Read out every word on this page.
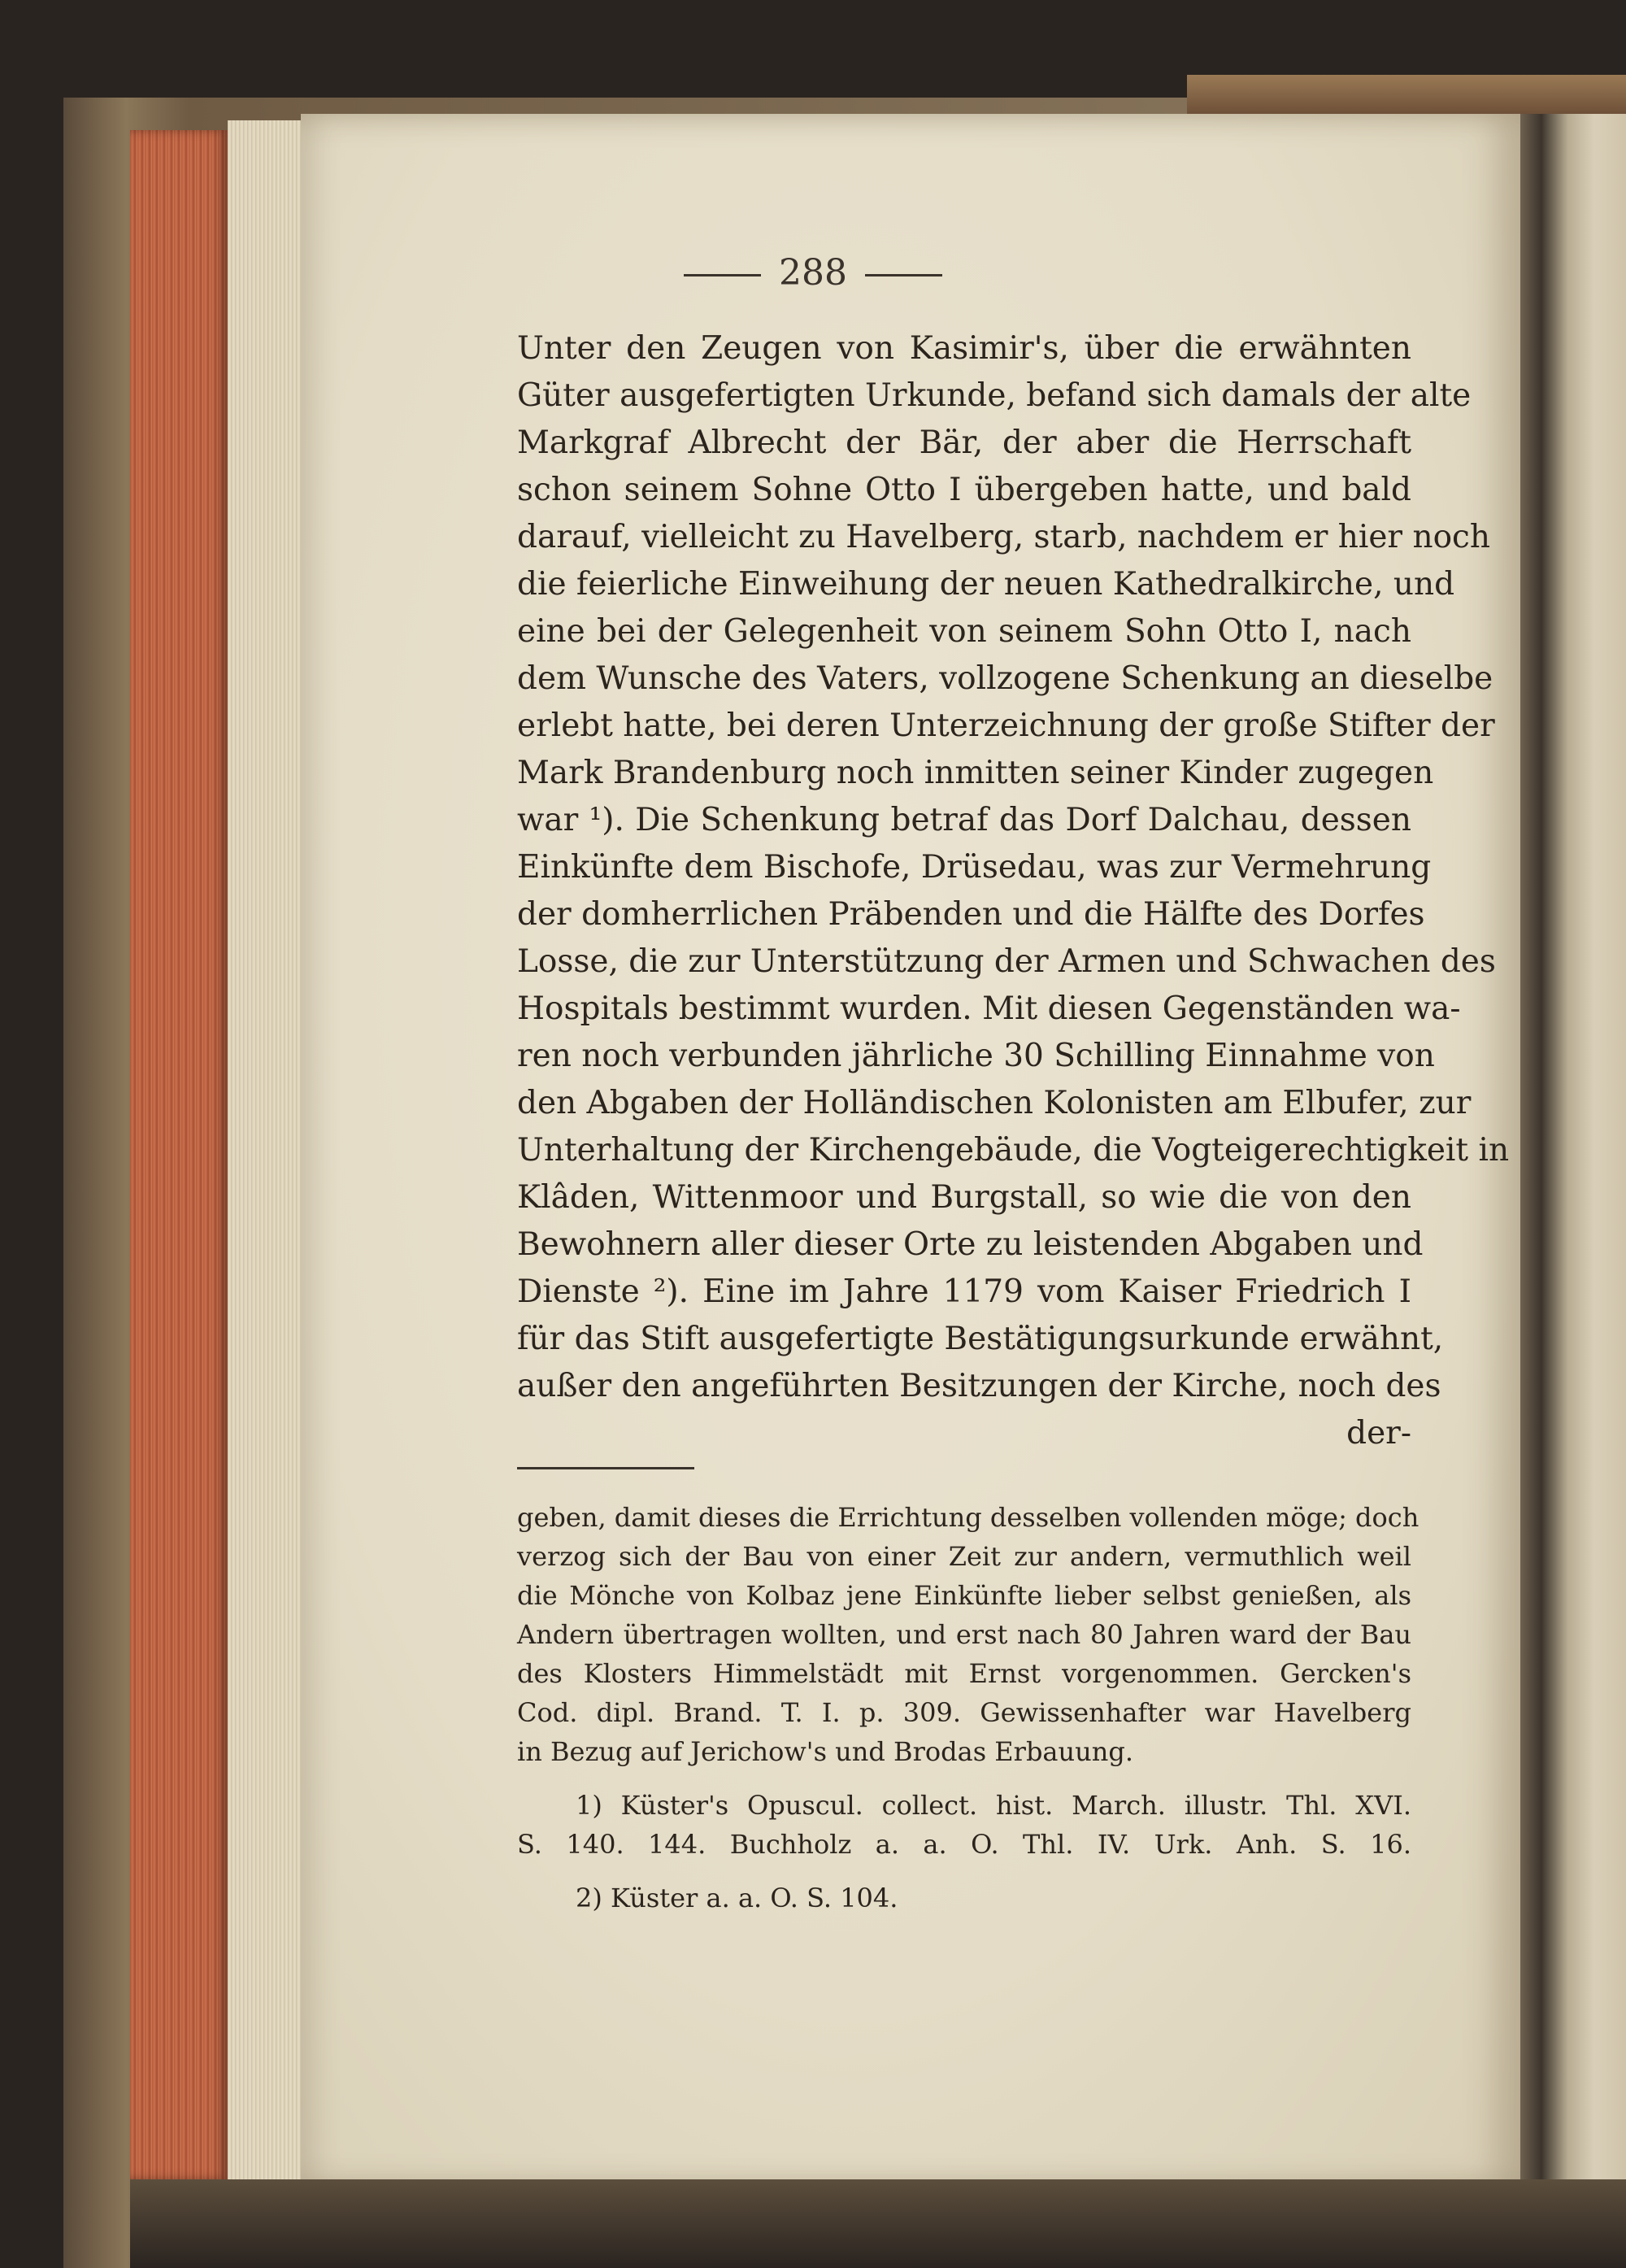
288
Unter den Zeugen von Kasimir's, über die erwähnten
Güter ausgefertigten Urkunde, befand sich damals der alte
Markgraf Albrecht der Bär, der aber die Herrschaft
schon seinem Sohne Otto I übergeben hatte, und bald
darauf, vielleicht zu Havelberg, starb, nachdem er hier noch
die feierliche Einweihung der neuen Kathedralkirche, und
eine bei der Gelegenheit von seinem Sohn Otto I, nach
dem Wunsche des Vaters, vollzogene Schenkung an dieselbe
erlebt hatte, bei deren Unterzeichnung der große Stifter der
Mark Brandenburg noch inmitten seiner Kinder zugegen
war ¹). Die Schenkung betraf das Dorf Dalchau, dessen
Einkünfte dem Bischofe, Drüsedau, was zur Vermehrung
der domherrlichen Präbenden und die Hälfte des Dorfes
Losse, die zur Unterstützung der Armen und Schwachen des
Hospitals bestimmt wurden. Mit diesen Gegenständen wa-
ren noch verbunden jährliche 30 Schilling Einnahme von
den Abgaben der Holländischen Kolonisten am Elbufer, zur
Unterhaltung der Kirchengebäude, die Vogteigerechtigkeit in
Klâden, Wittenmoor und Burgstall, so wie die von den
Bewohnern aller dieser Orte zu leistenden Abgaben und
Dienste ²). Eine im Jahre 1179 vom Kaiser Friedrich I
für das Stift ausgefertigte Bestätigungsurkunde erwähnt,
außer den angeführten Besitzungen der Kirche, noch des
der-
geben, damit dieses die Errichtung desselben vollenden möge; doch
verzog sich der Bau von einer Zeit zur andern, vermuthlich weil
die Mönche von Kolbaz jene Einkünfte lieber selbst genießen, als
Andern übertragen wollten, und erst nach 80 Jahren ward der Bau
des Klosters Himmelstädt mit Ernst vorgenommen. Gercken's
Cod. dipl. Brand. T. I. p. 309. Gewissenhafter war Havelberg
in Bezug auf Jerichow's und Brodas Erbauung.
1) Küster's Opuscul. collect. hist. March. illustr. Thl. XVI.
S. 140. 144. Buchholz a. a. O. Thl. IV. Urk. Anh. S. 16.
2) Küster a. a. O. S. 104.
